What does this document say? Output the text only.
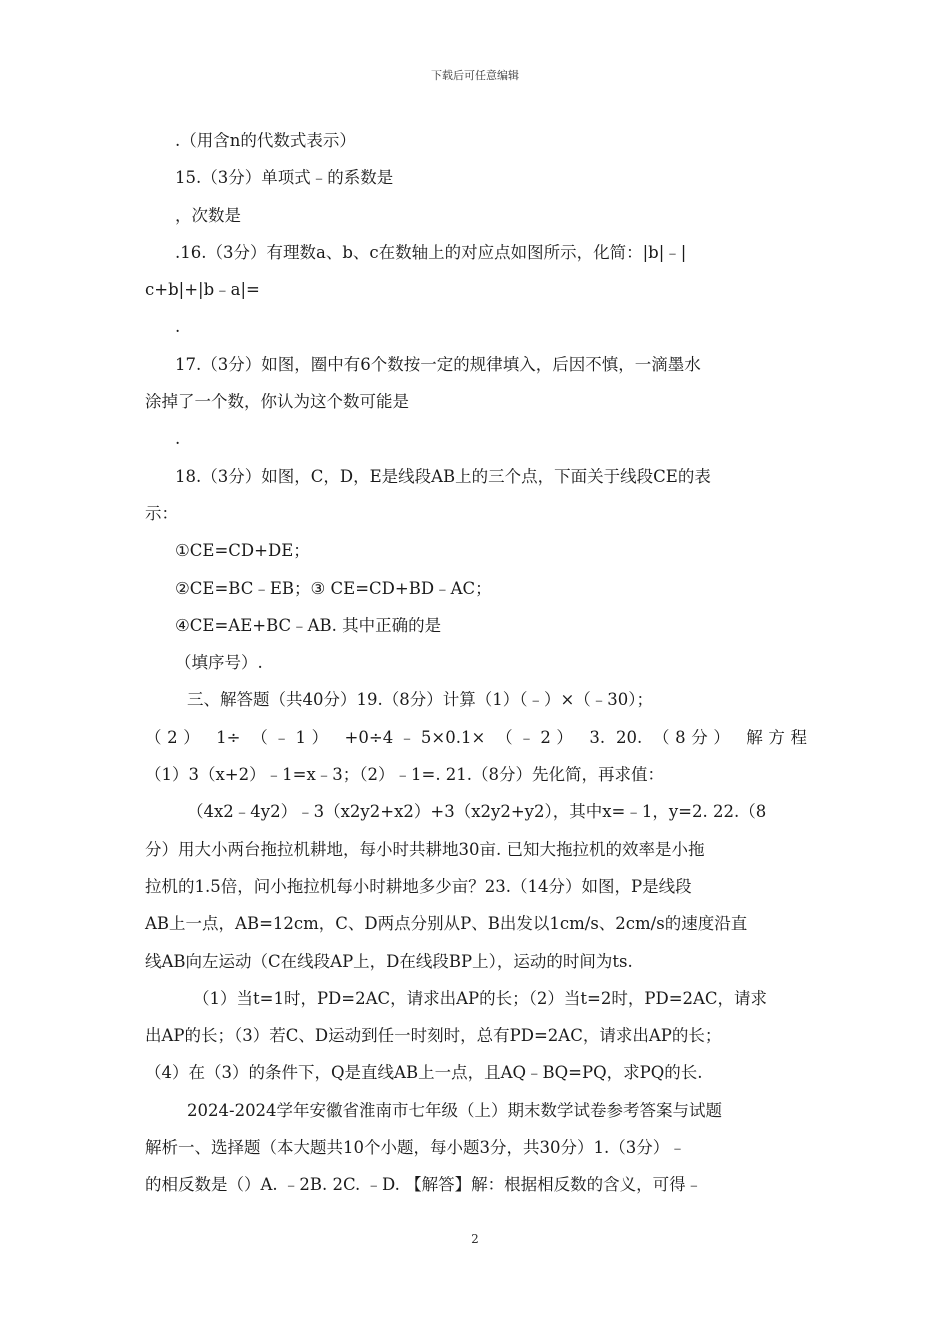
下载后可任意编辑
.（用含n的代数式表示）
15.（3分）单项式﹣的系数是
，次数是
.16.（3分）有理数a、b、c在数轴上的对应点如图所示，化简：|b|﹣|
c+b|+|b﹣a|=
.
17.（3分）如图，圈中有6个数按一定的规律填入，后因不慎，一滴墨水
涂掉了一个数，你认为这个数可能是
.
18.（3分）如图，C，D，E是线段AB上的三个点，下面关于线段CE的表
示：
①CE=CD+DE；
②CE=BC﹣EB；③ CE=CD+BD﹣AC；
④CE=AE+BC﹣AB. 其中正确的是
（填序号）.
三、解答题（共40分）19.（8分）计算（1）（﹣）×（﹣30）；
（2） 1÷ （﹣1） +0÷4﹣5×0.1× （﹣2） 3. 20. （8分） 解方程
（1）3（x+2）﹣1=x﹣3；（2）﹣1=. 21.（8分）先化简，再求值：
（4x2﹣4y2）﹣3（x2y2+x2）+3（x2y2+y2），其中x=﹣1，y=2. 22.（8
分）用大小两台拖拉机耕地，每小时共耕地30亩. 已知大拖拉机的效率是小拖
拉机的1.5倍，问小拖拉机每小时耕地多少亩？23.（14分）如图，P是线段
AB上一点，AB=12cm，C、D两点分别从P、B出发以1cm/s、2cm/s的速度沿直
线AB向左运动（C在线段AP上，D在线段BP上），运动的时间为ts.
（1）当t=1时，PD=2AC，请求出AP的长；（2）当t=2时，PD=2AC，请求
出AP的长；（3）若C、D运动到任一时刻时，总有PD=2AC，请求出AP的长；
（4）在（3）的条件下，Q是直线AB上一点，且AQ﹣BQ=PQ，求PQ的长.
2024-2024学年安徽省淮南市七年级（上）期末数学试卷参考答案与试题
解析一、选择题（本大题共10个小题，每小题3分，共30分）1.（3分）﹣
的相反数是（）A. ﹣2B. 2C. ﹣D. 【解答】解：根据相反数的含义，可得﹣
2
